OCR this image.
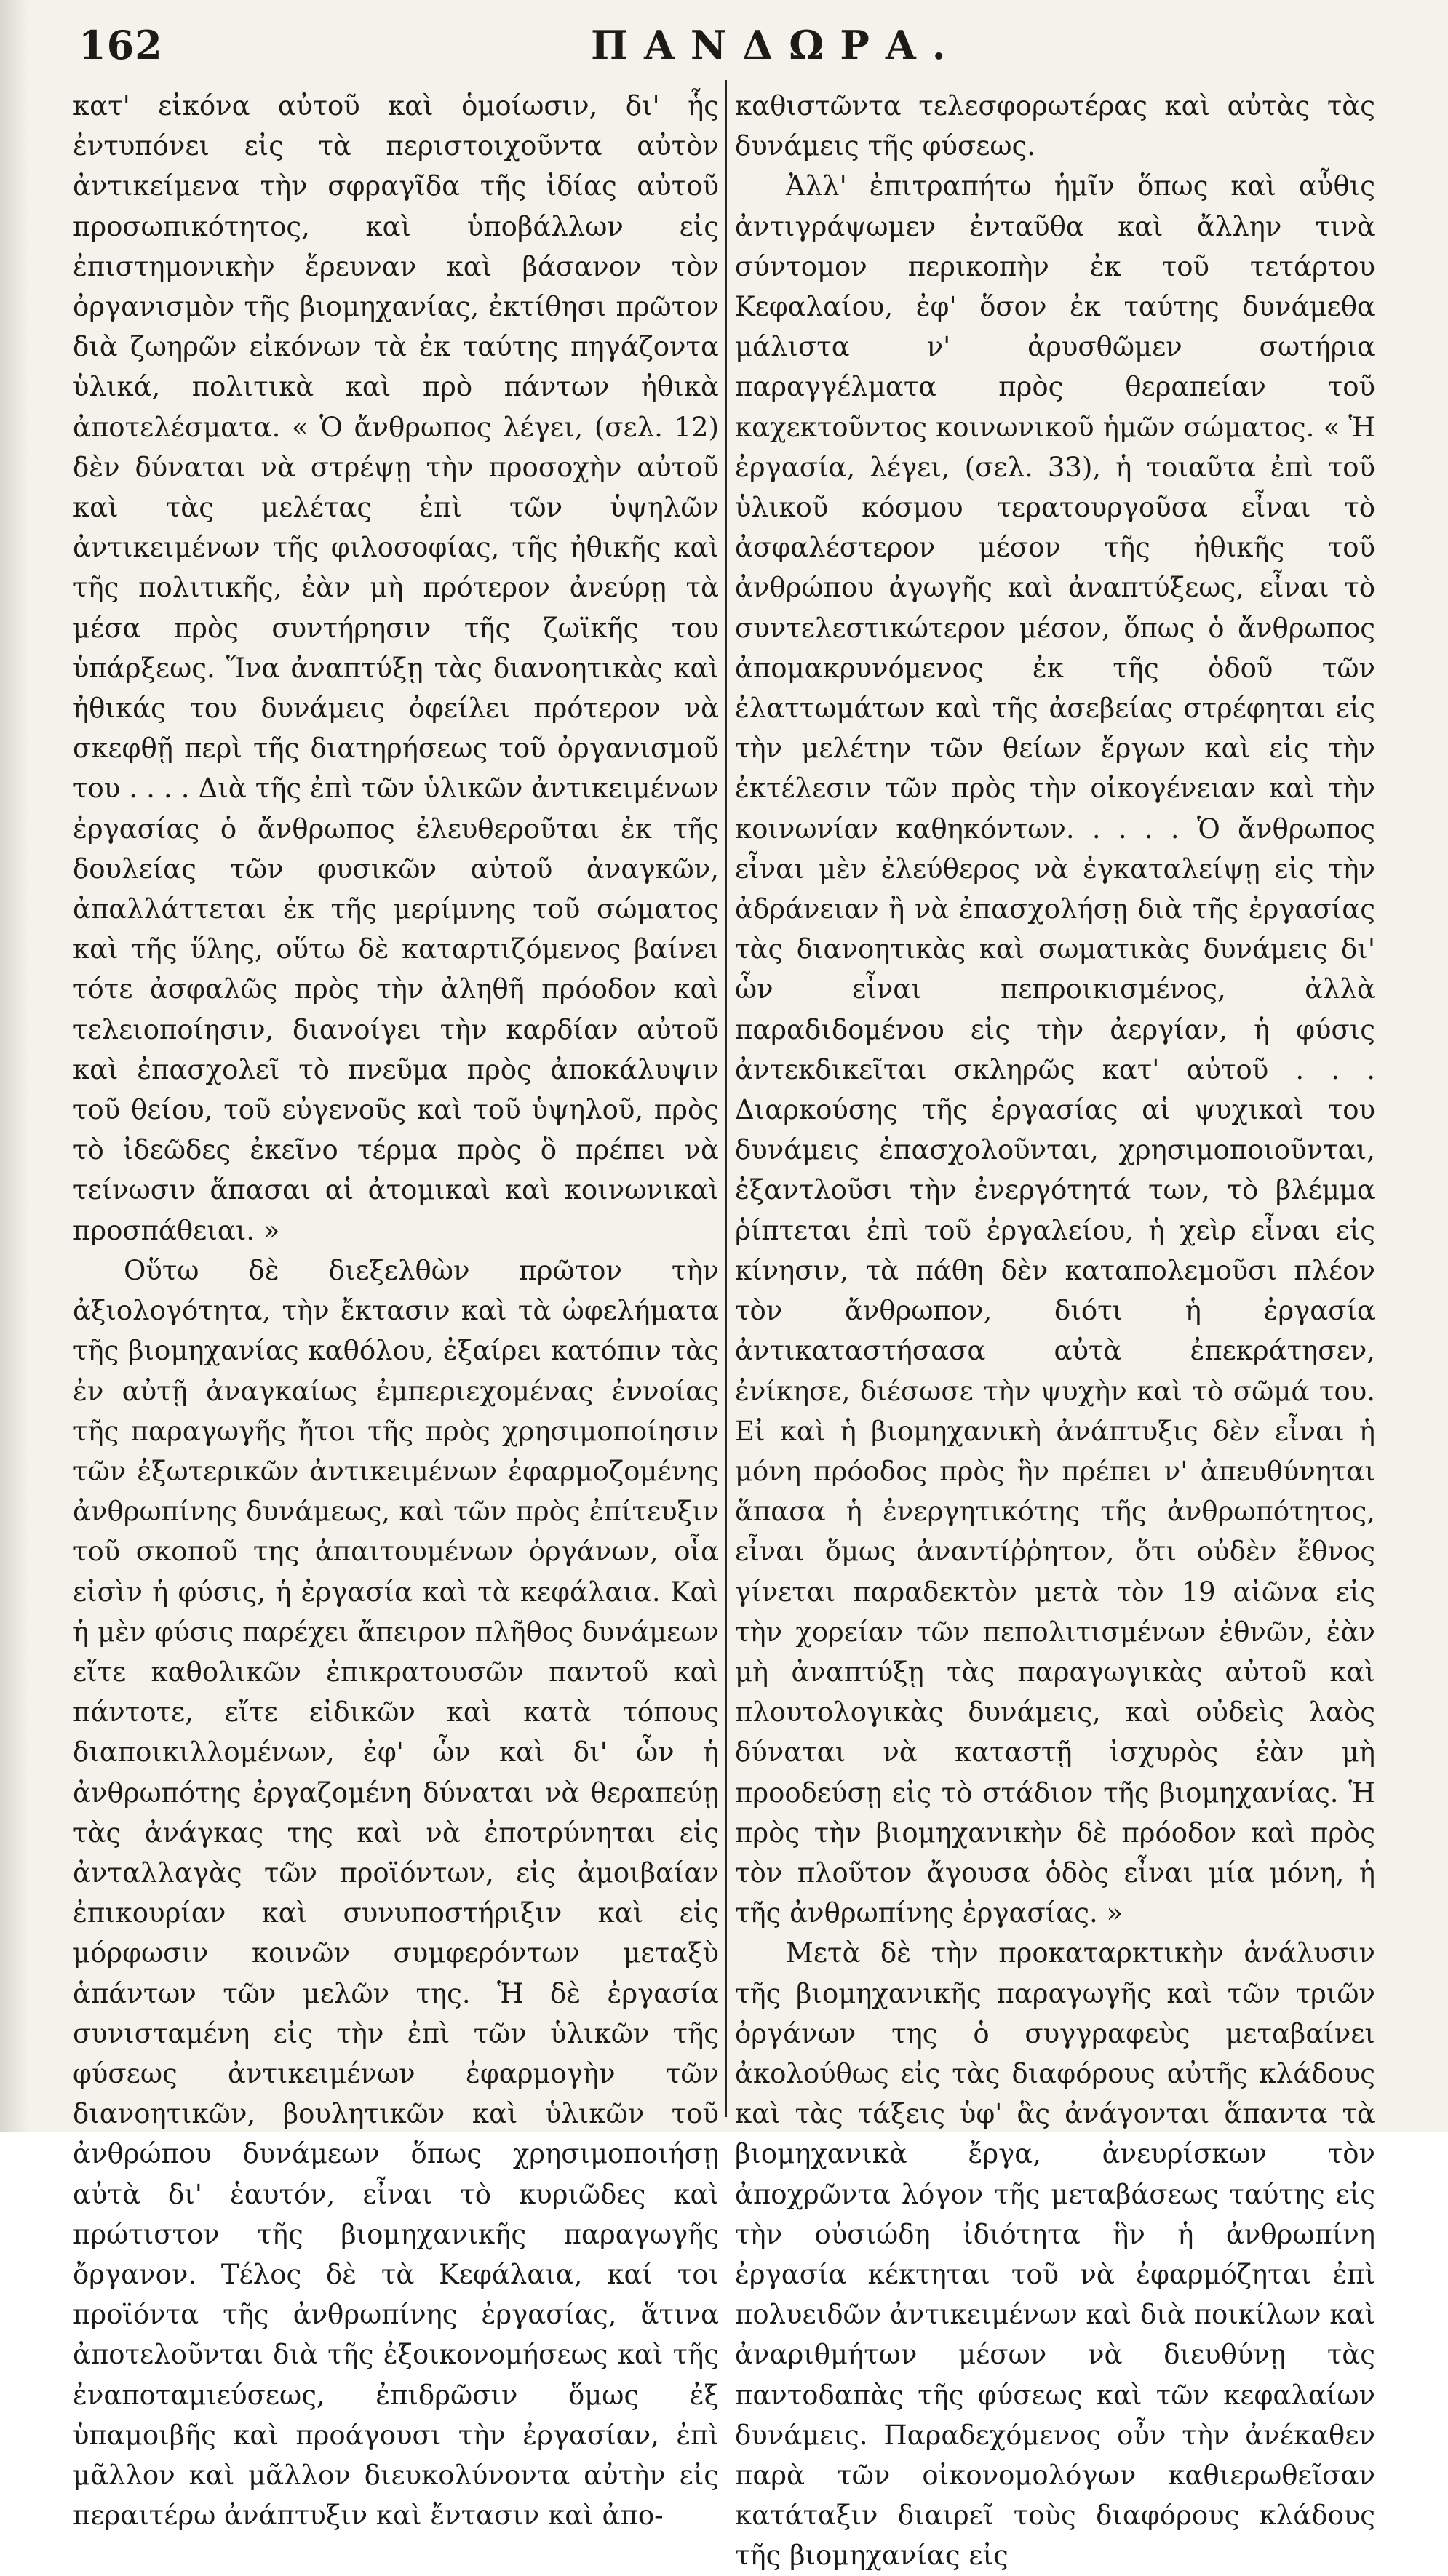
162	ΠΑΝΔΩΡΑ.

κατ' εἰκόνα αὐτοῦ καὶ ὁμοίωσιν, δι' ἧς ἐντυπόνει εἰς τὰ περιστοιχοῦντα αὐτὸν ἀντικείμενα τὴν σφραγῖδα τῆς ἰδίας αὐτοῦ προσωπικότητος, καὶ ὑποβάλλων εἰς ἐπιστημονικὴν ἔρευναν καὶ βάσανον τὸν ὀργανισμὸν τῆς βιομηχανίας, ἐκτίθησι πρῶτον διὰ ζωηρῶν εἰκόνων τὰ ἐκ ταύτης πηγάζοντα ὑλικά, πολιτικὰ καὶ πρὸ πάντων ἠθικὰ ἀποτελέσματα. « Ὁ ἄνθρωπος λέγει, (σελ. 12) δὲν δύναται νὰ στρέψῃ τὴν προσοχὴν αὐτοῦ καὶ τὰς μελέτας ἐπὶ τῶν ὑψηλῶν ἀντικειμένων τῆς φιλοσοφίας, τῆς ἠθικῆς καὶ τῆς πολιτικῆς, ἐὰν μὴ πρότερον ἀνεύρῃ τὰ μέσα πρὸς συντήρησιν τῆς ζωϊκῆς του ὑπάρξεως. Ἵνα ἀναπτύξῃ τὰς διανοητικὰς καὶ ἠθικάς του δυνάμεις ὀφείλει πρότερον νὰ σκεφθῇ περὶ τῆς διατηρήσεως τοῦ ὀργανισμοῦ του . . . . Διὰ τῆς ἐπὶ τῶν ὑλικῶν ἀντικειμένων ἐργασίας ὁ ἄνθρωπος ἐλευθεροῦται ἐκ τῆς δουλείας τῶν φυσικῶν αὐτοῦ ἀναγκῶν, ἀπαλλάττεται ἐκ τῆς μερίμνης τοῦ σώματος καὶ τῆς ὕλης, οὕτω δὲ καταρτιζόμενος βαίνει τότε ἀσφαλῶς πρὸς τὴν ἀληθῆ πρόοδον καὶ τελειοποίησιν, διανοίγει τὴν καρδίαν αὐτοῦ καὶ ἐπασχολεῖ τὸ πνεῦμα πρὸς ἀποκάλυψιν τοῦ θείου, τοῦ εὐγενοῦς καὶ τοῦ ὑψηλοῦ, πρὸς τὸ ἰδεῶδες ἐκεῖνο τέρμα πρὸς ὃ πρέπει νὰ τείνωσιν ἅπασαι αἱ ἀτομικαὶ καὶ κοινωνικαὶ προσπάθειαι. »

Οὕτω δὲ διεξελθὼν πρῶτον τὴν ἀξιολογότητα, τὴν ἔκτασιν καὶ τὰ ὠφελήματα τῆς βιομηχανίας καθόλου, ἐξαίρει κατόπιν τὰς ἐν αὐτῇ ἀναγκαίως ἐμπεριεχομένας ἐννοίας τῆς παραγωγῆς ἤτοι τῆς πρὸς χρησιμοποίησιν τῶν ἐξωτερικῶν ἀντικειμένων ἐφαρμοζομένης ἀνθρωπίνης δυνάμεως, καὶ τῶν πρὸς ἐπίτευξιν τοῦ σκοποῦ της ἀπαιτουμένων ὀργάνων, οἷα εἰσὶν ἡ φύσις, ἡ ἐργασία καὶ τὰ κεφάλαια. Καὶ ἡ μὲν φύσις παρέχει ἄπειρον πλῆθος δυνάμεων εἴτε καθολικῶν ἐπικρατουσῶν παντοῦ καὶ πάντοτε, εἴτε εἰδικῶν καὶ κατὰ τόπους διαποικιλλομένων, ἐφ' ὧν καὶ δι' ὧν ἡ ἀνθρωπότης ἐργαζομένη δύναται νὰ θεραπεύῃ τὰς ἀνάγκας της καὶ νὰ ἐποτρύνηται εἰς ἀνταλλαγὰς τῶν προϊόντων, εἰς ἀμοιβαίαν ἐπικουρίαν καὶ συνυποστήριξιν καὶ εἰς μόρφωσιν κοινῶν συμφερόντων μεταξὺ ἁπάντων τῶν μελῶν της. Ἡ δὲ ἐργασία συνισταμένη εἰς τὴν ἐπὶ τῶν ὑλικῶν τῆς φύσεως ἀντικειμένων ἐφαρμογὴν τῶν διανοητικῶν, βουλητικῶν καὶ ὑλικῶν τοῦ ἀνθρώπου δυνάμεων ὅπως χρησιμοποιήσῃ αὐτὰ δι' ἑαυτόν, εἶναι τὸ κυριῶδες καὶ πρώτιστον τῆς βιομηχανικῆς παραγωγῆς ὄργανον. Τέλος δὲ τὰ Κεφάλαια, καί τοι προϊόντα τῆς ἀνθρωπίνης ἐργασίας, ἅτινα ἀποτελοῦνται διὰ τῆς ἐξοικονομήσεως καὶ τῆς ἐναποταμιεύσεως, ἐπιδρῶσιν ὅμως ἐξ ὑπαμοιβῆς καὶ προάγουσι τὴν ἐργασίαν, ἐπὶ μᾶλλον καὶ μᾶλλον διευκολύνοντα αὐτὴν εἰς περαιτέρω ἀνάπτυξιν καὶ ἔντασιν καὶ ἀπο-

καθιστῶντα τελεσφορωτέρας καὶ αὐτὰς τὰς δυνάμεις τῆς φύσεως.

Ἀλλ' ἐπιτραπήτω ἡμῖν ὅπως καὶ αὖθις ἀντιγράψωμεν ἐνταῦθα καὶ ἄλλην τινὰ σύντομον περικοπὴν ἐκ τοῦ τετάρτου Κεφαλαίου, ἐφ' ὅσον ἐκ ταύτης δυνάμεθα μάλιστα ν' ἀρυσθῶμεν σωτήρια παραγγέλματα πρὸς θεραπείαν τοῦ καχεκτοῦντος κοινωνικοῦ ἡμῶν σώματος. « Ἡ ἐργασία, λέγει, (σελ. 33), ἡ τοιαῦτα ἐπὶ τοῦ ὑλικοῦ κόσμου τερατουργοῦσα εἶναι τὸ ἀσφαλέστερον μέσον τῆς ἠθικῆς τοῦ ἀνθρώπου ἀγωγῆς καὶ ἀναπτύξεως, εἶναι τὸ συντελεστικώτερον μέσον, ὅπως ὁ ἄνθρωπος ἀπομακρυνόμενος ἐκ τῆς ὁδοῦ τῶν ἐλαττωμάτων καὶ τῆς ἀσεβείας στρέφηται εἰς τὴν μελέτην τῶν θείων ἔργων καὶ εἰς τὴν ἐκτέλεσιν τῶν πρὸς τὴν οἰκογένειαν καὶ τὴν κοινωνίαν καθηκόντων. . . . . Ὁ ἄνθρωπος εἶναι μὲν ἐλεύθερος νὰ ἐγκαταλείψῃ εἰς τὴν ἀδράνειαν ἢ νὰ ἐπασχολήσῃ διὰ τῆς ἐργασίας τὰς διανοητικὰς καὶ σωματικὰς δυνάμεις δι' ὧν εἶναι πεπροικισμένος, ἀλλὰ παραδιδομένου εἰς τὴν ἀεργίαν, ἡ φύσις ἀντεκδικεῖται σκληρῶς κατ' αὐτοῦ . . . Διαρκούσης τῆς ἐργασίας αἱ ψυχικαὶ του δυνάμεις ἐπασχολοῦνται, χρησιμοποιοῦνται, ἐξαντλοῦσι τὴν ἐνεργότητά των, τὸ βλέμμα ῥίπτεται ἐπὶ τοῦ ἐργαλείου, ἡ χεὶρ εἶναι εἰς κίνησιν, τὰ πάθη δὲν καταπολεμοῦσι πλέον τὸν ἄνθρωπον, διότι ἡ ἐργασία ἀντικαταστήσασα αὐτὰ ἐπεκράτησεν, ἐνίκησε, διέσωσε τὴν ψυχὴν καὶ τὸ σῶμά του. Εἰ καὶ ἡ βιομηχανικὴ ἀνάπτυξις δὲν εἶναι ἡ μόνη πρόοδος πρὸς ἣν πρέπει ν' ἀπευθύνηται ἅπασα ἡ ἐνεργητικότης τῆς ἀνθρωπότητος, εἶναι ὅμως ἀναντίῤῥητον, ὅτι οὐδὲν ἔθνος γίνεται παραδεκτὸν μετὰ τὸν 19 αἰῶνα εἰς τὴν χορείαν τῶν πεπολιτισμένων ἐθνῶν, ἐὰν μὴ ἀναπτύξῃ τὰς παραγωγικὰς αὐτοῦ καὶ πλουτολογικὰς δυνάμεις, καὶ οὐδεὶς λαὸς δύναται νὰ καταστῇ ἰσχυρὸς ἐὰν μὴ προοδεύσῃ εἰς τὸ στάδιον τῆς βιομηχανίας. Ἡ πρὸς τὴν βιομηχανικὴν δὲ πρόοδον καὶ πρὸς τὸν πλοῦτον ἄγουσα ὁδὸς εἶναι μία μόνη, ἡ τῆς ἀνθρωπίνης ἐργασίας. »

Μετὰ δὲ τὴν προκαταρκτικὴν ἀνάλυσιν τῆς βιομηχανικῆς παραγωγῆς καὶ τῶν τριῶν ὀργάνων της ὁ συγγραφεὺς μεταβαίνει ἀκολούθως εἰς τὰς διαφόρους αὐτῆς κλάδους καὶ τὰς τάξεις ὑφ' ἃς ἀνάγονται ἅπαντα τὰ βιομηχανικὰ ἔργα, ἀνευρίσκων τὸν ἀποχρῶντα λόγον τῆς μεταβάσεως ταύτης εἰς τὴν οὐσιώδη ἰδιότητα ἣν ἡ ἀνθρωπίνη ἐργασία κέκτηται τοῦ νὰ ἐφαρμόζηται ἐπὶ πολυειδῶν ἀντικειμένων καὶ διὰ ποικίλων καὶ ἀναριθμήτων μέσων νὰ διευθύνῃ τὰς παντοδαπὰς τῆς φύσεως καὶ τῶν κεφαλαίων δυνάμεις. Παραδεχόμενος οὖν τὴν ἀνέκαθεν παρὰ τῶν οἰκονομολόγων καθιερωθεῖσαν κατάταξιν διαιρεῖ τοὺς διαφόρους κλάδους τῆς βιομηχανίας εἰς
